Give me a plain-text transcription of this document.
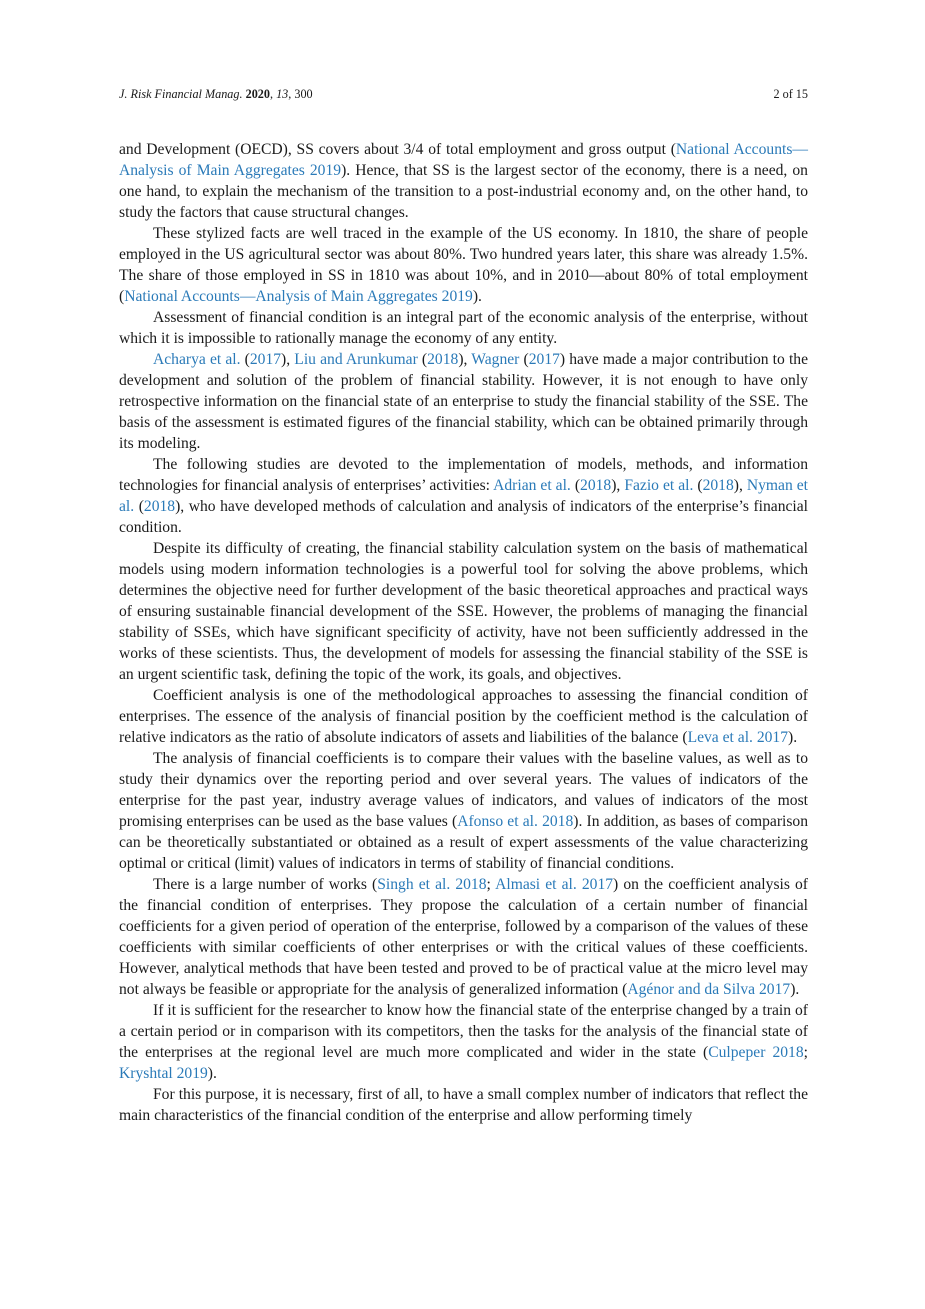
J. Risk Financial Manag. 2020, 13, 300	2 of 15

and Development (OECD), SS covers about 3/4 of total employment and gross output (National Accounts—Analysis of Main Aggregates 2019). Hence, that SS is the largest sector of the economy, there is a need, on one hand, to explain the mechanism of the transition to a post-industrial economy and, on the other hand, to study the factors that cause structural changes.

These stylized facts are well traced in the example of the US economy. In 1810, the share of people employed in the US agricultural sector was about 80%. Two hundred years later, this share was already 1.5%. The share of those employed in SS in 1810 was about 10%, and in 2010—about 80% of total employment (National Accounts—Analysis of Main Aggregates 2019).

Assessment of financial condition is an integral part of the economic analysis of the enterprise, without which it is impossible to rationally manage the economy of any entity.

Acharya et al. (2017), Liu and Arunkumar (2018), Wagner (2017) have made a major contribution to the development and solution of the problem of financial stability. However, it is not enough to have only retrospective information on the financial state of an enterprise to study the financial stability of the SSE. The basis of the assessment is estimated figures of the financial stability, which can be obtained primarily through its modeling.

The following studies are devoted to the implementation of models, methods, and information technologies for financial analysis of enterprises’ activities: Adrian et al. (2018), Fazio et al. (2018), Nyman et al. (2018), who have developed methods of calculation and analysis of indicators of the enterprise’s financial condition.

Despite its difficulty of creating, the financial stability calculation system on the basis of mathematical models using modern information technologies is a powerful tool for solving the above problems, which determines the objective need for further development of the basic theoretical approaches and practical ways of ensuring sustainable financial development of the SSE. However, the problems of managing the financial stability of SSEs, which have significant specificity of activity, have not been sufficiently addressed in the works of these scientists. Thus, the development of models for assessing the financial stability of the SSE is an urgent scientific task, defining the topic of the work, its goals, and objectives.

Coefficient analysis is one of the methodological approaches to assessing the financial condition of enterprises. The essence of the analysis of financial position by the coefficient method is the calculation of relative indicators as the ratio of absolute indicators of assets and liabilities of the balance (Leva et al. 2017).

The analysis of financial coefficients is to compare their values with the baseline values, as well as to study their dynamics over the reporting period and over several years. The values of indicators of the enterprise for the past year, industry average values of indicators, and values of indicators of the most promising enterprises can be used as the base values (Afonso et al. 2018). In addition, as bases of comparison can be theoretically substantiated or obtained as a result of expert assessments of the value characterizing optimal or critical (limit) values of indicators in terms of stability of financial conditions.

There is a large number of works (Singh et al. 2018; Almasi et al. 2017) on the coefficient analysis of the financial condition of enterprises. They propose the calculation of a certain number of financial coefficients for a given period of operation of the enterprise, followed by a comparison of the values of these coefficients with similar coefficients of other enterprises or with the critical values of these coefficients. However, analytical methods that have been tested and proved to be of practical value at the micro level may not always be feasible or appropriate for the analysis of generalized information (Agénor and da Silva 2017).

If it is sufficient for the researcher to know how the financial state of the enterprise changed by a train of a certain period or in comparison with its competitors, then the tasks for the analysis of the financial state of the enterprises at the regional level are much more complicated and wider in the state (Culpeper 2018; Kryshtal 2019).

For this purpose, it is necessary, first of all, to have a small complex number of indicators that reflect the main characteristics of the financial condition of the enterprise and allow performing timely
